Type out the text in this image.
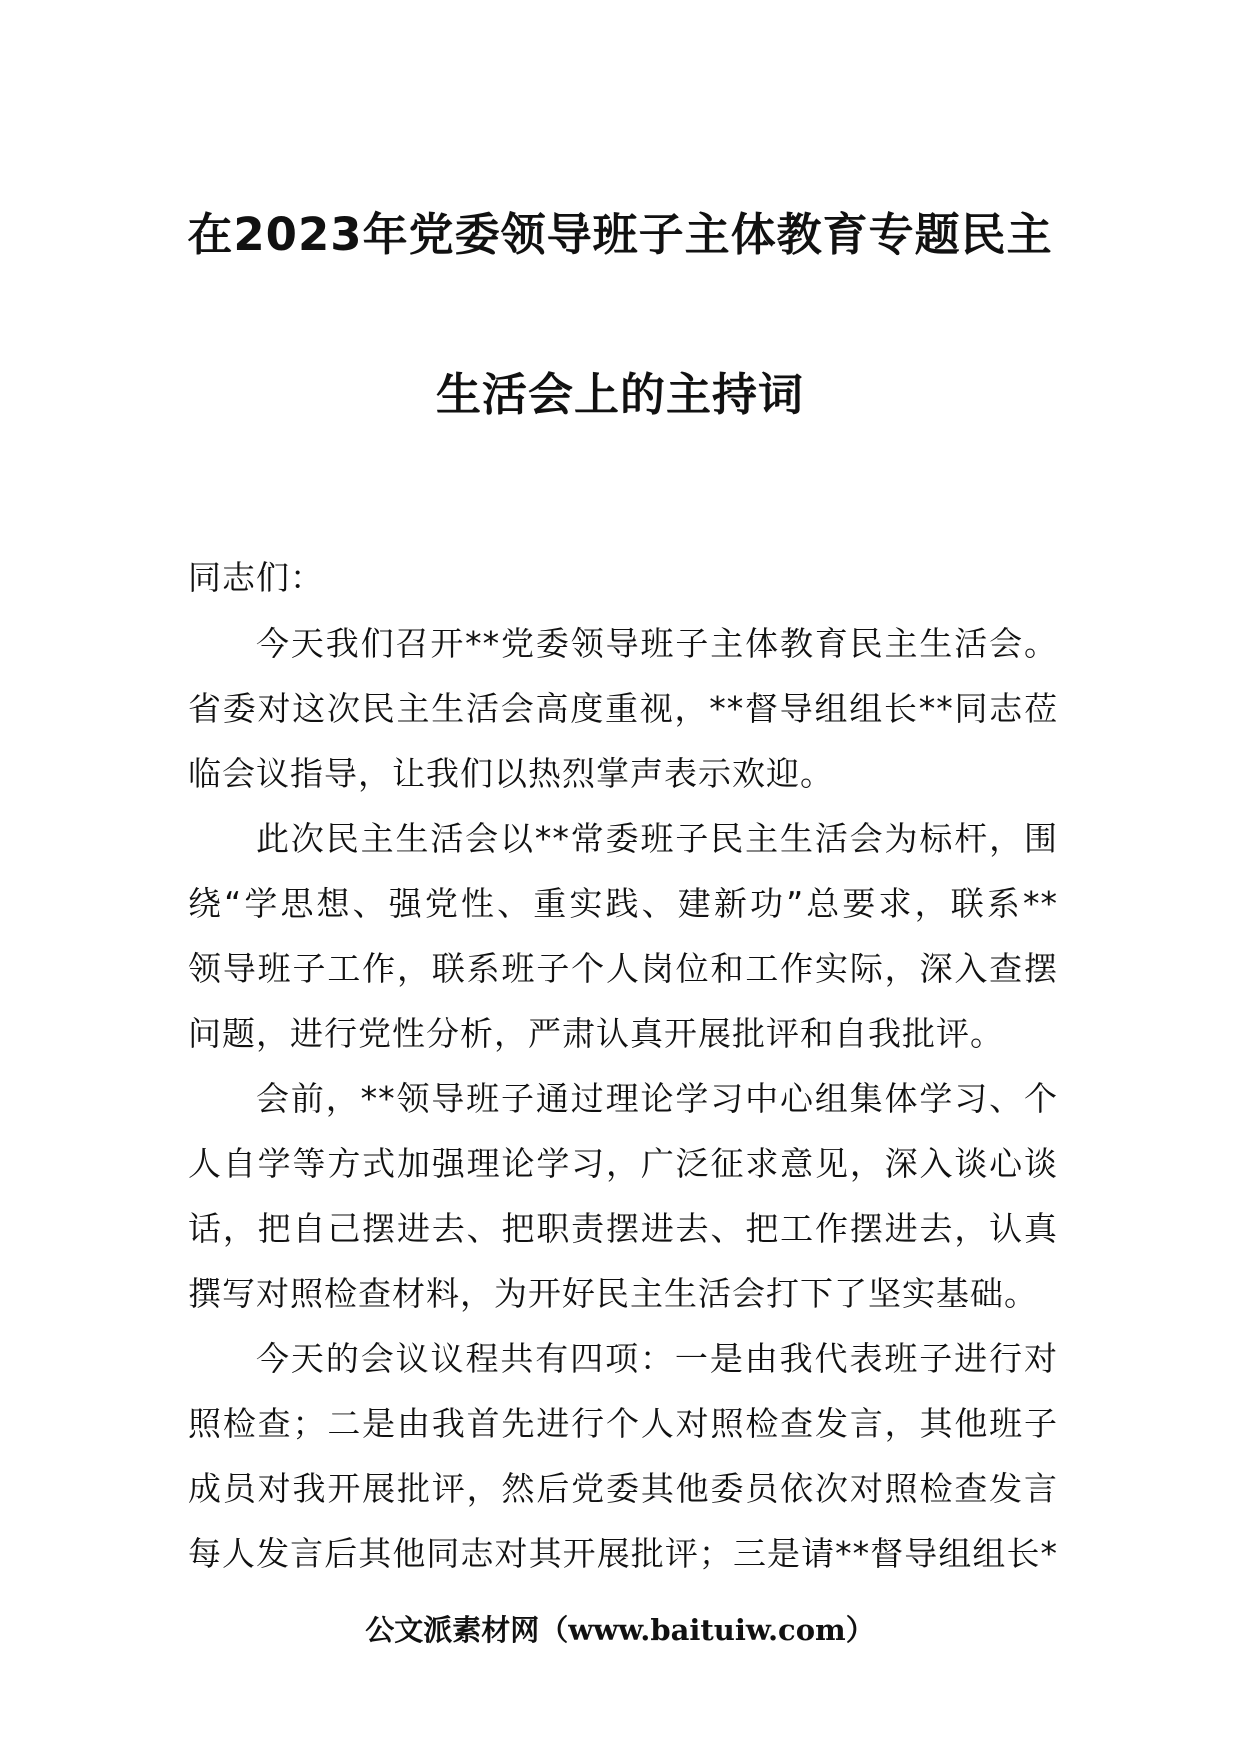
在2023年党委领导班子主体教育专题民主
生活会上的主持词

同志们：

今天我们召开**党委领导班子主体教育民主生活会。
省委对这次民主生活会高度重视，**督导组组长**同志莅
临会议指导，让我们以热烈掌声表示欢迎。
此次民主生活会以**常委班子民主生活会为标杆，围
绕“学思想、强党性、重实践、建新功”总要求，联系**
领导班子工作，联系班子个人岗位和工作实际，深入查摆
问题，进行党性分析，严肃认真开展批评和自我批评。
会前，**领导班子通过理论学习中心组集体学习、个
人自学等方式加强理论学习，广泛征求意见，深入谈心谈
话，把自己摆进去、把职责摆进去、把工作摆进去，认真
撰写对照检查材料，为开好民主生活会打下了坚实基础。
今天的会议议程共有四项：一是由我代表班子进行对
照检查；二是由我首先进行个人对照检查发言，其他班子
成员对我开展批评，然后党委其他委员依次对照检查发言
每人发言后其他同志对其开展批评；三是请**督导组组长*
公文派素材网（www.baituiw.com）
